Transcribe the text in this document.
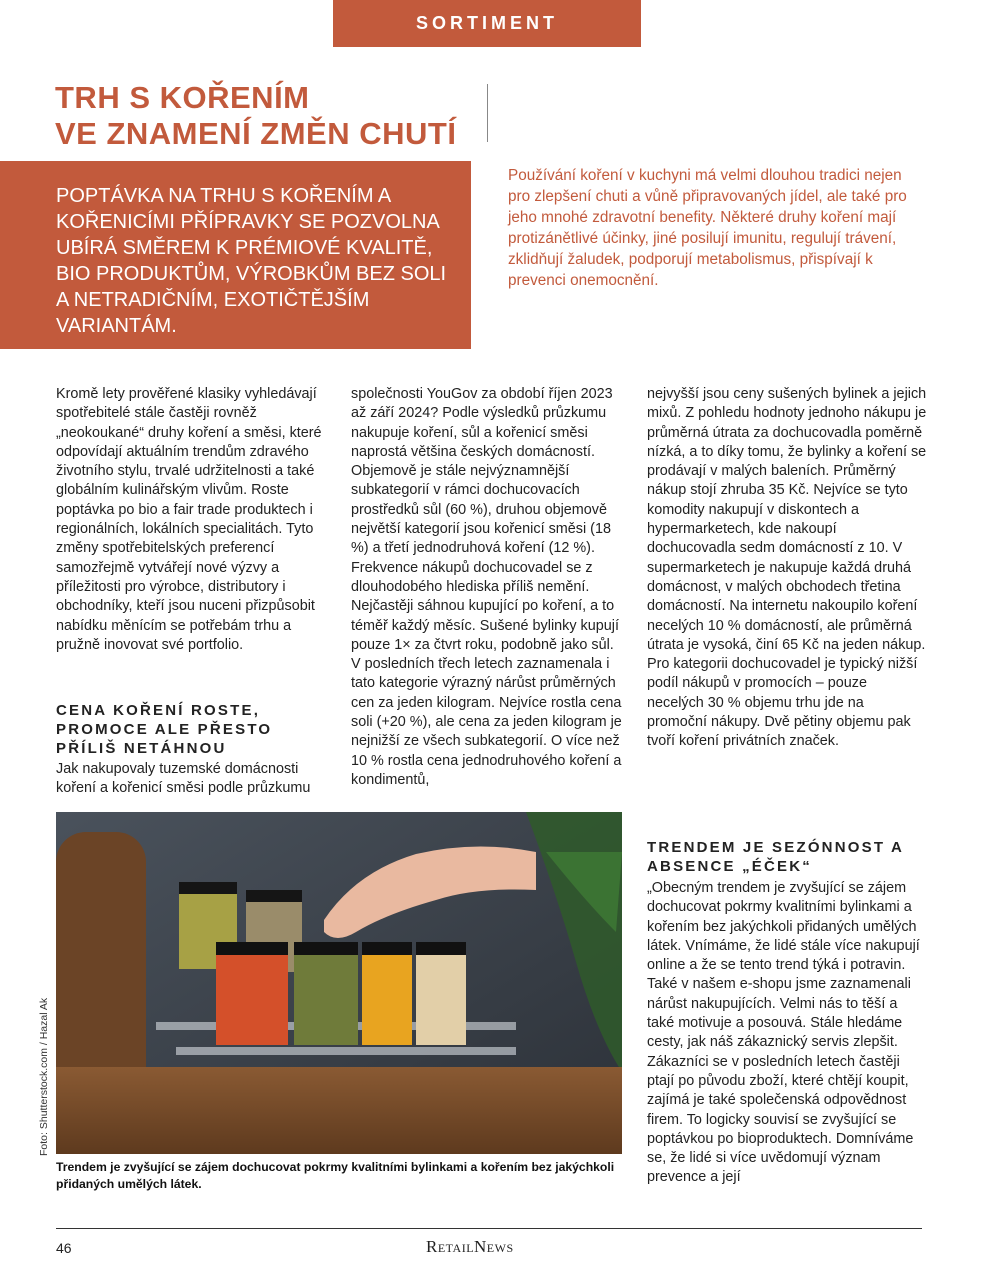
SORTIMENT
TRH S KOŘENÍM
VE ZNAMENÍ ZMĚN CHUTÍ

POPTÁVKA NA TRHU S KOŘENÍM A KOŘENICÍMI PŘÍPRAVKY SE POZVOLNA UBÍRÁ SMĚREM K PRÉMIOVÉ KVALITĚ, BIO PRODUKTŮM, VÝROBKŮM BEZ SOLI A NETRADIČNÍM, EXOTIČTĚJŠÍM VARIANTÁM.

Používání koření v kuchyni má velmi dlouhou tradici nejen pro zlepšení chuti a vůně připravovaných jídel, ale také pro jeho mnohé zdravotní benefity. Některé druhy koření mají protizánětlivé účinky, jiné posilují imunitu, regulují trávení, zklidňují žaludek, podporují metabolismus, přispívají k prevenci onemocnění.

Kromě lety prověřené klasiky vyhledávají spotřebitelé stále častěji rovněž „neokoukané“ druhy koření a směsi, které odpovídají aktuálním trendům zdravého životního stylu, trvalé udržitelnosti a také globálním kulinářským vlivům. Roste poptávka po bio a fair trade produktech i regionálních, lokálních specialitách. Tyto změny spotřebitelských preferencí samozřejmě vytvářejí nové výzvy a příležitosti pro výrobce, distributory i obchodníky, kteří jsou nuceni přizpůsobit nabídku měnícím se potřebám trhu a pružně inovovat své portfolio.

CENA KOŘENÍ ROSTE, PROMOCE ALE PŘESTO PŘÍLIŠ NETÁHNOU

Jak nakupovaly tuzemské domácnosti koření a kořenicí směsi podle průzkumu

společnosti YouGov za období říjen 2023 až září 2024? Podle výsledků průzkumu nakupuje koření, sůl a kořenicí směsi naprostá většina českých domácností. Objemově je stále nejvýznamnější subkategorií v rámci dochucovacích prostředků sůl (60 %), druhou objemově největší kategorií jsou kořenicí směsi (18 %) a třetí jednodruhová koření (12 %). Frekvence nákupů dochucovadel se z dlouhodobého hlediska příliš nemění. Nejčastěji sáhnou kupující po koření, a to téměř každý měsíc. Sušené bylinky kupují pouze 1× za čtvrt roku, podobně jako sůl. V posledních třech letech zaznamenala i tato kategorie výrazný nárůst průměrných cen za jeden kilogram. Nejvíce rostla cena soli (+20 %), ale cena za jeden kilogram je nejnižší ze všech subkategorií. O více než 10 % rostla cena jednodruhového koření a kondimentů,

nejvyšší jsou ceny sušených bylinek a jejich mixů. Z pohledu hodnoty jednoho nákupu je průměrná útrata za dochucovadla poměrně nízká, a to díky tomu, že bylinky a koření se prodávají v malých baleních. Průměrný nákup stojí zhruba 35 Kč. Nejvíce se tyto komodity nakupují v diskontech a hypermarketech, kde nakoupí dochucovadla sedm domácností z 10. V supermarketech je nakupuje každá druhá domácnost, v malých obchodech třetina domácností. Na internetu nakoupilo koření necelých 10 % domácností, ale průměrná útrata je vysoká, činí 65 Kč na jeden nákup. Pro kategorii dochucovadel je typický nižší podíl nákupů v promocích – pouze necelých 30 % objemu trhu jde na promoční nákupy. Dvě pětiny objemu pak tvoří koření privátních značek.

TRENDEM JE SEZÓNNOST A ABSENCE „ÉČEK“

„Obecným trendem je zvyšující se zájem dochucovat pokrmy kvalitními bylinkami a kořením bez jakýchkoli přidaných umělých látek. Vnímáme, že lidé stále více nakupují online a že se tento trend týká i potravin. Také v našem e-shopu jsme zaznamenali nárůst nakupujících. Velmi nás to těší a také motivuje a posouvá. Stále hledáme cesty, jak náš zákaznický servis zlepšit. Zákazníci se v posledních letech častěji ptají po původu zboží, které chtějí koupit, zajímá je také společenská odpovědnost firem. To logicky souvisí se zvyšující se poptávkou po bioproduktech. Domníváme se, že lidé si více uvědomují význam prevence a její

Trendem je zvyšující se zájem dochucovat pokrmy kvalitními bylinkami a kořením bez jakýchkoli přidaných umělých látek.

Foto: Shutterstock.com / Hazal Ak
46	RetailNews
